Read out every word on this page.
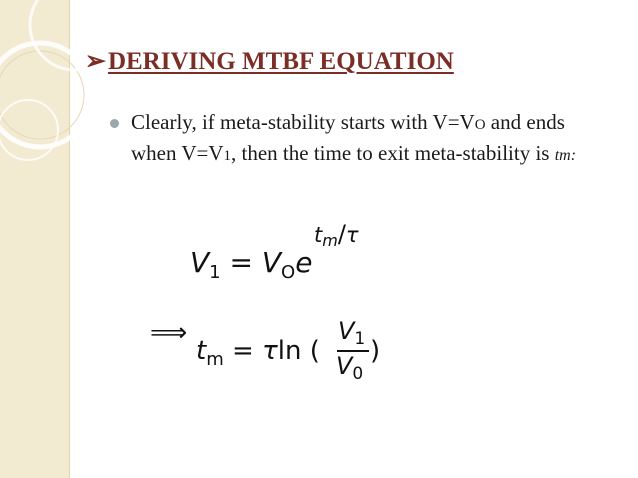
➢DERIVING MTBF EQUATION
Clearly, if meta-stability starts with V=VO and ends when V=V1, then the time to exit meta-stability is tm:
$V_1 = V_Oe$
tm/τ
⟹
$t_m = \tau\ln$ (
$V_1$
$V_0$
)
